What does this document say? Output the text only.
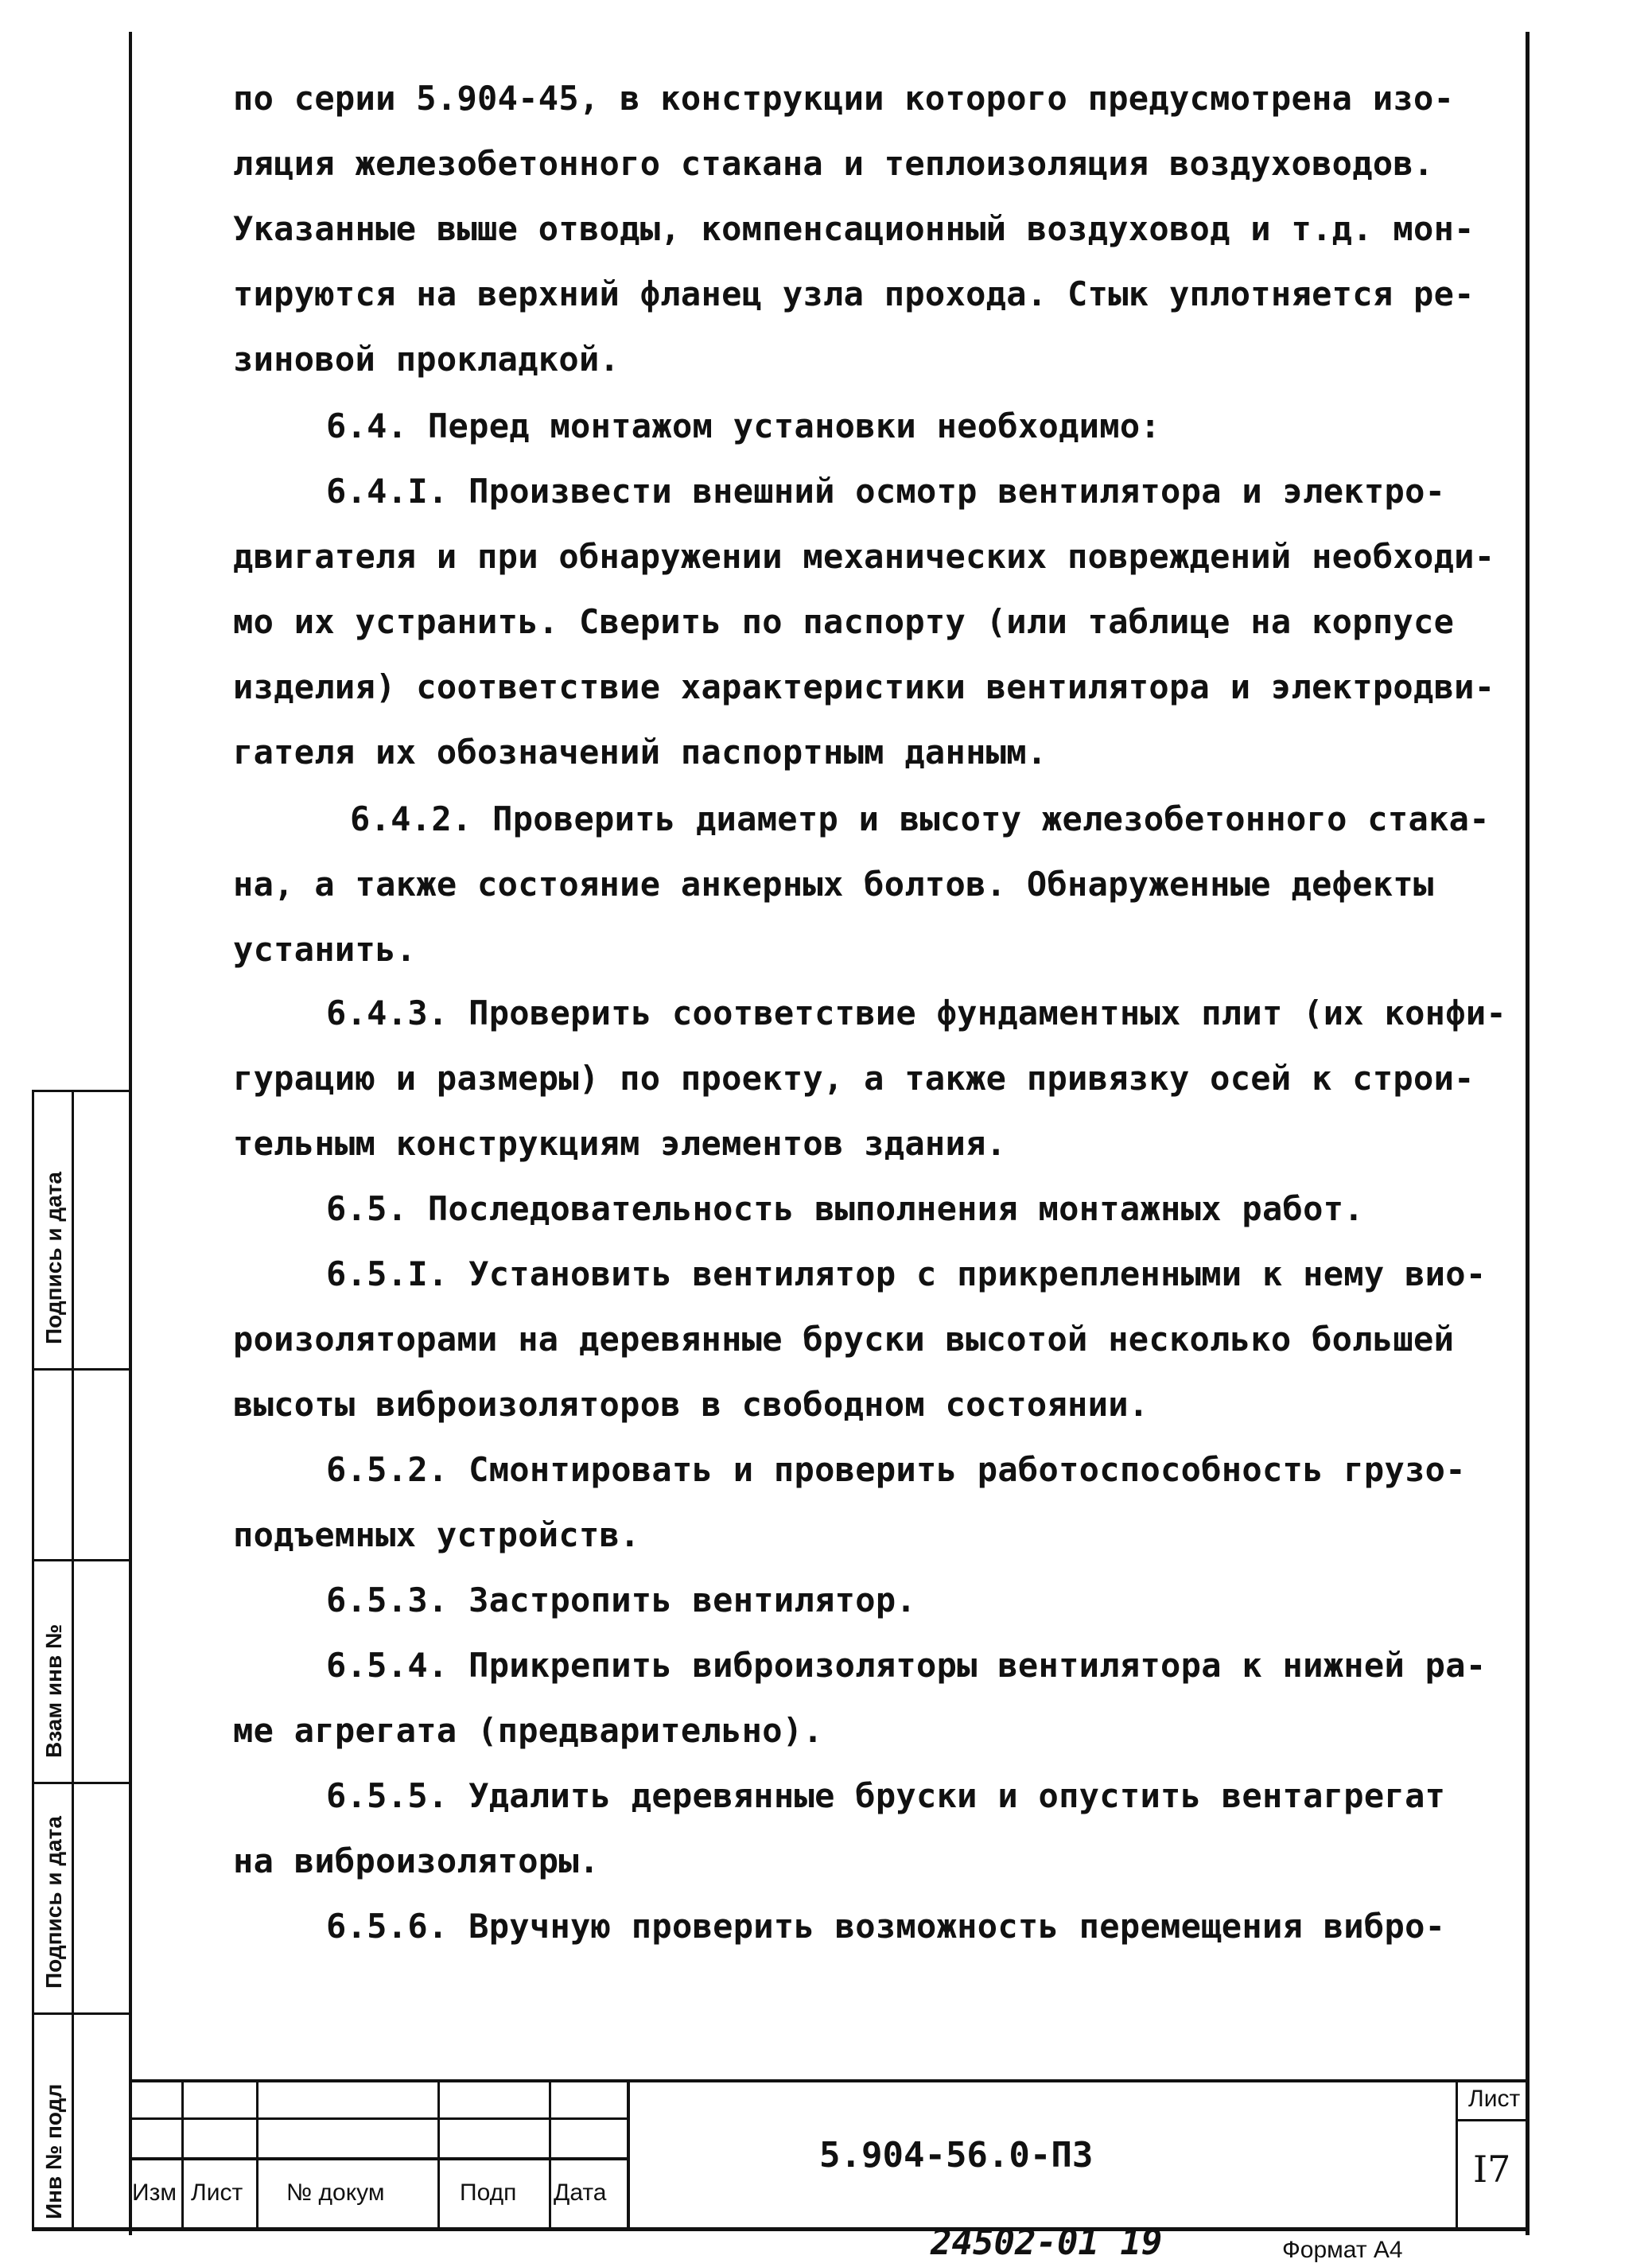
Подпись и дата
Взам инв №
Подпись и дата
Инв № подл
по серии 5.904-45, в конструкции которого предусмотрена изо-
ляция железобетонного стакана и теплоизоляция воздуховодов.
Указанные выше отводы, компенсационный воздуховод и т.д. мон-
тируются на верхний фланец узла прохода. Стык уплотняется ре-
зиновой прокладкой.
6.4. Перед монтажом установки необходимо:
6.4.I. Произвести внешний осмотр вентилятора и электро-
двигателя и при обнаружении механических повреждений необходи-
мо их устранить. Сверить по паспорту (или таблице на корпусе
изделия) соответствие характеристики вентилятора и электродви-
гателя их обозначений паспортным данным.
6.4.2. Проверить диаметр и высоту железобетонного стака-
на, а также состояние анкерных болтов. Обнаруженные дефекты
устанить.
6.4.3. Проверить соответствие фундаментных плит (их конфи-
гурацию и размеры) по проекту, а также привязку осей к строи-
тельным конструкциям элементов здания.
6.5. Последовательность выполнения монтажных работ.
6.5.I. Установить вентилятор с прикрепленными к нему вио-
роизоляторами на деревянные бруски высотой несколько большей
высоты виброизоляторов в свободном состоянии.
6.5.2. Смонтировать и проверить работоспособность грузо-
подъемных устройств.
6.5.3. Застропить вентилятор.
6.5.4. Прикрепить виброизоляторы вентилятора к нижней ра-
ме агрегата (предварительно).
6.5.5. Удалить деревянные бруски и опустить вентагрегат
на виброизоляторы.
6.5.6. Вручную проверить возможность перемещения вибро-
Изм Лист № докум	Подп Дата
5.904-56.0-ПЗ
Лист
I7
24502-01 19	Формат А4
